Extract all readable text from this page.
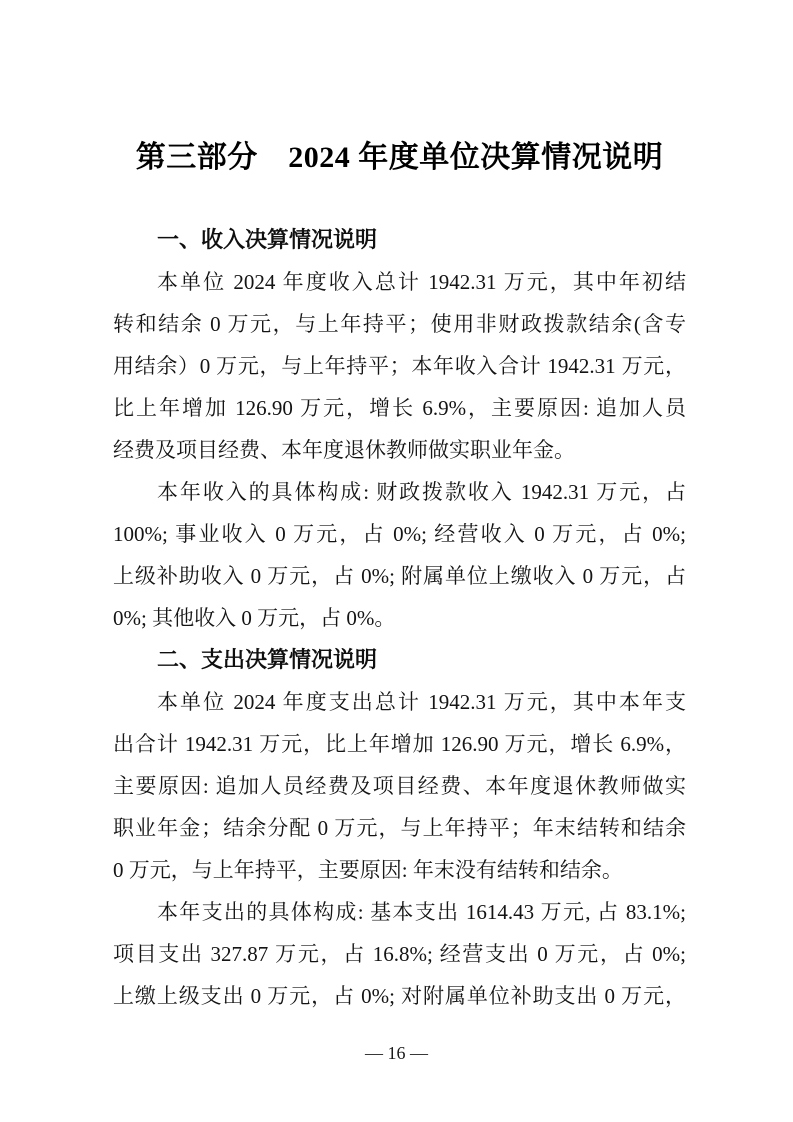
第三部分　2024 年度单位决算情况说明
一、收入决算情况说明
本单位 2024 年度收入总计 1942.31 万元，其中年初结
转和结余 0 万元，与上年持平；使用非财政拨款结余(含专
用结余）0 万元，与上年持平；本年收入合计 1942.31 万元，
比上年增加 126.90 万元，增长 6.9%，主要原因: 追加人员
经费及项目经费、本年度退休教师做实职业年金。
本年收入的具体构成: 财政拨款收入 1942.31 万元，占
100%; 事业收入 0 万元，占 0%; 经营收入 0 万元，占 0%;
上级补助收入 0 万元，占 0%; 附属单位上缴收入 0 万元，占
0%; 其他收入 0 万元，占 0%。
二、支出决算情况说明
本单位 2024 年度支出总计 1942.31 万元，其中本年支
出合计 1942.31 万元，比上年增加 126.90 万元，增长 6.9%，
主要原因: 追加人员经费及项目经费、本年度退休教师做实
职业年金；结余分配 0 万元，与上年持平；年末结转和结余
0 万元，与上年持平，主要原因: 年末没有结转和结余。
本年支出的具体构成: 基本支出 1614.43 万元, 占 83.1%;
项目支出 327.87 万元，占 16.8%; 经营支出 0 万元，占 0%;
上缴上级支出 0 万元，占 0%; 对附属单位补助支出 0 万元，
— 16 —
